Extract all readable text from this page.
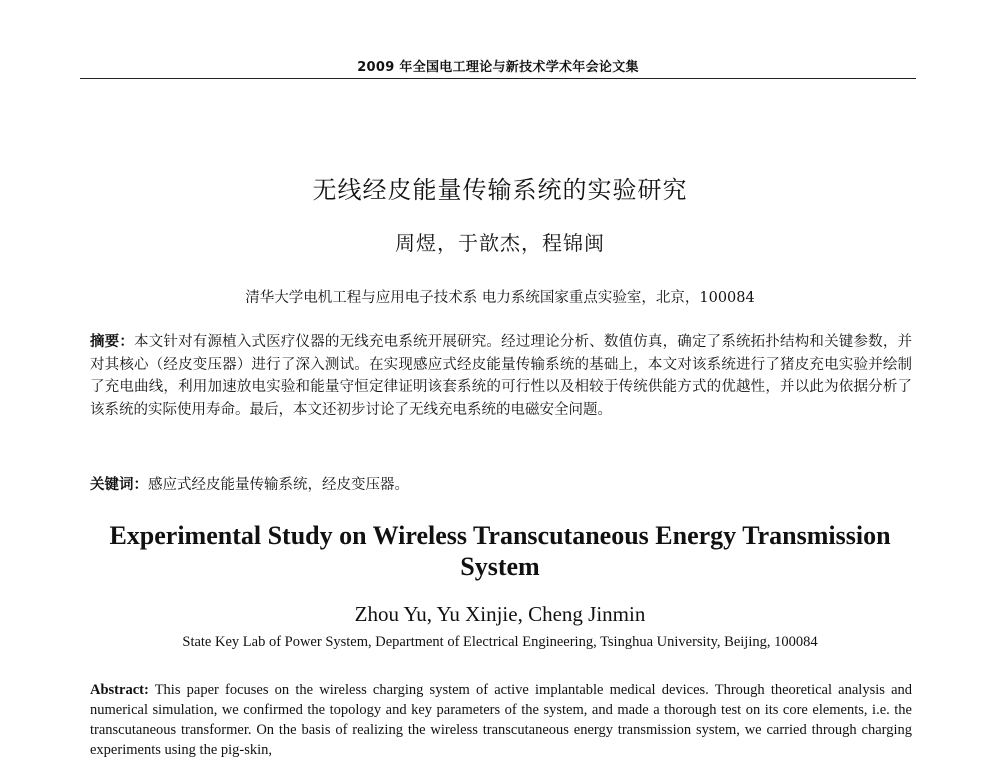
2009 年全国电工理论与新技术学术年会论文集
无线经皮能量传输系统的实验研究
周煜，于歆杰，程锦闽
清华大学电机工程与应用电子技术系 电力系统国家重点实验室，北京，100084
摘要：本文针对有源植入式医疗仪器的无线充电系统开展研究。经过理论分析、数值仿真，确定了系统拓扑结构和关键参数，并对其核心（经皮变压器）进行了深入测试。在实现感应式经皮能量传输系统的基础上，本文对该系统进行了猪皮充电实验并绘制了充电曲线，利用加速放电实验和能量守恒定律证明该套系统的可行性以及相较于传统供能方式的优越性，并以此为依据分析了该系统的实际使用寿命。最后，本文还初步讨论了无线充电系统的电磁安全问题。
关键词：感应式经皮能量传输系统，经皮变压器。
Experimental Study on Wireless Transcutaneous Energy Transmission System
Zhou Yu, Yu Xinjie, Cheng Jinmin
State Key Lab of Power System, Department of Electrical Engineering, Tsinghua University, Beijing, 100084
Abstract: This paper focuses on the wireless charging system of active implantable medical devices. Through theoretical analysis and numerical simulation, we confirmed the topology and key parameters of the system, and made a thorough test on its core elements, i.e. the transcutaneous transformer. On the basis of realizing the wireless transcutaneous energy transmission system, we carried through charging experiments using the pig-skin,
